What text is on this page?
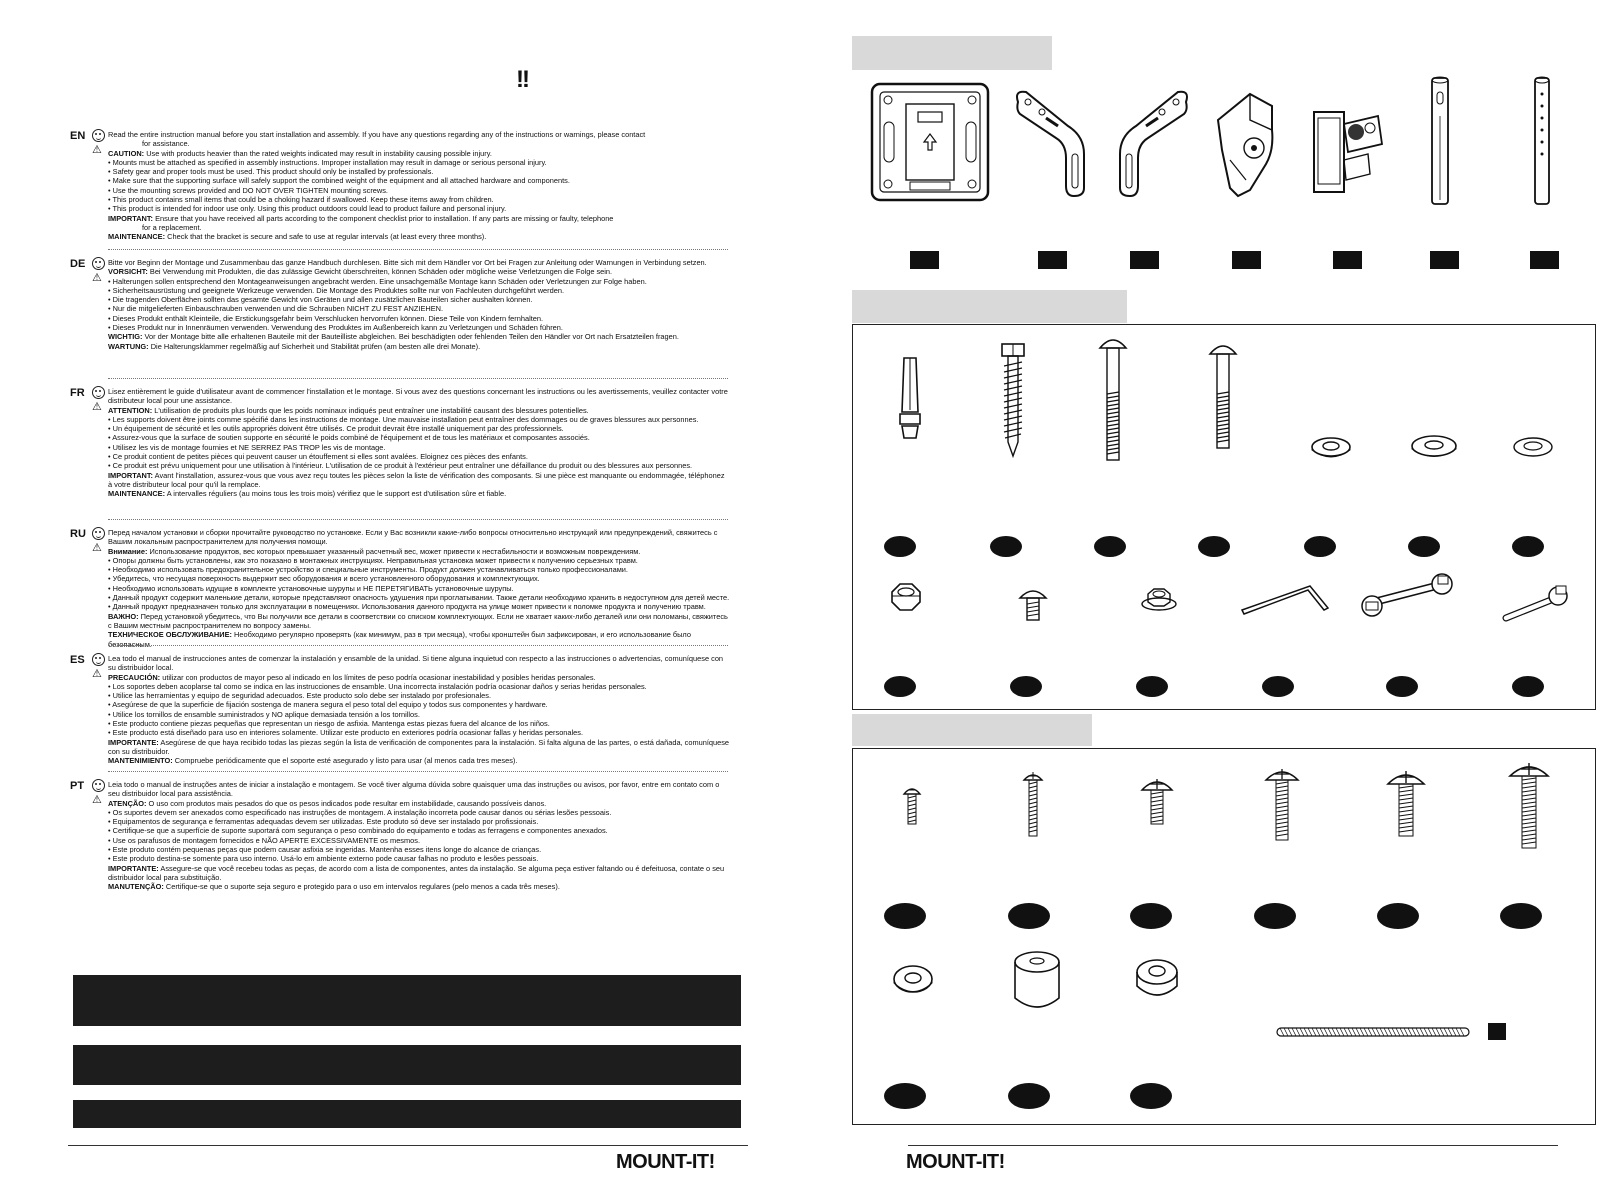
!!
EN
⚠

Read the entire instruction manual before you start installation and assembly. If you have any questions regarding any of the instructions or warnings, please contact

for assistance.

CAUTION: Use with products heavier than the rated weights indicated may result in instability causing possible injury.

• Mounts must be attached as specified in assembly instructions. Improper installation may result in damage or serious personal injury.

• Safety gear and proper tools must be used. This product should only be installed by professionals.

• Make sure that the supporting surface will safely support the combined weight of the equipment and all attached hardware and components.

• Use the mounting screws provided and DO NOT OVER TIGHTEN mounting screws.

• This product contains small items that could be a choking hazard if swallowed. Keep these items away from children.

• This product is intended for indoor use only. Using this product outdoors could lead to product failure and personal injury.

IMPORTANT: Ensure that you have received all parts according to the component checklist prior to installation. If any parts are missing or faulty, telephone

for a replacement.

MAINTENANCE: Check that the bracket is secure and safe to use at regular intervals (at least every three months).

DE
⚠

Bitte vor Beginn der Montage und Zusammenbau das ganze Handbuch durchlesen. Bitte sich mit dem Händler vor Ort bei Fragen zur Anleitung oder Warnungen in Verbindung setzen.

VORSICHT: Bei Verwendung mit Produkten, die das zulässige Gewicht überschreiten, können Schäden oder mögliche weise Verletzungen die Folge sein.

• Halterungen sollen entsprechend den Montageanweisungen angebracht werden. Eine unsachgemäße Montage kann Schäden oder Verletzungen zur Folge haben.

• Sicherheitsausrüstung und geeignete Werkzeuge verwenden. Die Montage des Produktes sollte nur von Fachleuten durchgeführt werden.

• Die tragenden Oberflächen sollten das gesamte Gewicht von Geräten und allen zusätzlichen Bauteilen sicher aushalten können.

• Nur die mitgelieferten Einbauschrauben verwenden und die Schrauben NICHT ZU FEST ANZIEHEN.

• Dieses Produkt enthält Kleinteile, die Erstickungsgefahr beim Verschlucken hervorrufen können. Diese Teile von Kindern fernhalten.

• Dieses Produkt nur in Innenräumen verwenden. Verwendung des Produktes im Außenbereich kann zu Verletzungen und Schäden führen.

WICHTIG: Vor der Montage bitte alle erhaltenen Bauteile mit der Bauteilliste abgleichen. Bei beschädigten oder fehlenden Teilen den Händler vor Ort nach Ersatzteilen fragen.

WARTUNG: Die Halterungsklammer regelmäßig auf Sicherheit und Stabilität prüfen (am besten alle drei Monate).

FR
⚠

Lisez entièrement le guide d'utilisateur avant de commencer l'installation et le montage. Si vous avez des questions concernant les instructions ou les avertissements, veuillez contacter votre distributeur local pour une assistance.

ATTENTION: L'utilisation de produits plus lourds que les poids nominaux indiqués peut entraîner une instabilité causant des blessures potentielles.

• Les supports doivent être joints comme spécifié dans les instructions de montage. Une mauvaise installation peut entraîner des dommages ou de graves blessures aux personnes.

• Un équipement de sécurité et les outils appropriés doivent être utilisés. Ce produit devrait être installé uniquement par des professionnels.

• Assurez-vous que la surface de soutien supporte en sécurité le poids combiné de l'équipement et de tous les matériaux et composantes associés.

• Utilisez les vis de montage fournies et NE SERREZ PAS TROP les vis de montage.

• Ce produit contient de petites pièces qui peuvent causer un étouffement si elles sont avalées. Eloignez ces pièces des enfants.

• Ce produit est prévu uniquement pour une utilisation à l'intérieur. L'utilisation de ce produit à l'extérieur peut entraîner une défaillance du produit ou des blessures aux personnes.

IMPORTANT: Avant l'installation, assurez-vous que vous avez reçu toutes les pièces selon la liste de vérification des composants. Si une pièce est manquante ou endommagée, téléphonez à votre distributeur local pour qu'il la remplace.

MAINTENANCE: A intervalles réguliers (au moins tous les trois mois) vérifiez que le support est d'utilisation sûre et fiable.

RU
⚠

Перед началом установки и сборки прочитайте руководство по установке. Если у Вас возникли какие-либо вопросы относительно инструкций или предупреждений, свяжитесь с Вашим локальным распространителем для получения помощи.

Внимание: Использование продуктов, вес которых превышает указанный расчетный вес, может привести к нестабильности и возможным повреждениям.

• Опоры должны быть установлены, как это показано в монтажных инструкциях. Неправильная установка может привести к получению серьезных травм.

• Необходимо использовать предохранительное устройство и специальные инструменты. Продукт должен устанавливаться только профессионалами.

• Убедитесь, что несущая поверхность выдержит вес оборудования и всего установленного оборудования и комплектующих.

• Необходимо использовать идущие в комплекте установочные шурупы и НЕ ПЕРЕТЯГИВАТЬ установочные шурупы.

• Данный продукт содержит маленькие детали, которые представляют опасность удушения при проглатывании. Также детали необходимо хранить в недоступном для детей месте.

• Данный продукт предназначен только для эксплуатации в помещениях. Использования данного продукта на улице может привести к поломке продукта и получению травм.

ВАЖНО: Перед установкой убедитесь, что Вы получили все детали в соответствии со списком комплектующих. Если не хватает каких-либо деталей или они поломаны, свяжитесь с Вашим местным распространителем по вопросу замены.

ТЕХНИЧЕСКОЕ ОБСЛУЖИВАНИЕ: Необходимо регулярно проверять (как минимум, раз в три месяца), чтобы кронштейн был зафиксирован, и его использование было безопасным.

ES
⚠

Lea todo el manual de instrucciones antes de comenzar la instalación y ensamble de la unidad. Si tiene alguna inquietud con respecto a las instrucciones o advertencias, comuníquese con su distribuidor local.

PRECAUCIÓN: utilizar con productos de mayor peso al indicado en los límites de peso podría ocasionar inestabilidad y posibles heridas personales.

• Los soportes deben acoplarse tal como se indica en las instrucciones de ensamble. Una incorrecta instalación podría ocasionar daños y serias heridas personales.

• Utilice las herramientas y equipo de seguridad adecuados. Este producto solo debe ser instalado por profesionales.

• Asegúrese de que la superficie de fijación sostenga de manera segura el peso total del equipo y todos sus componentes y hardware.

• Utilice los tornillos de ensamble suministrados y NO aplique demasiada tensión a los tornillos.

• Este producto contiene piezas pequeñas que representan un riesgo de asfixia. Mantenga estas piezas fuera del alcance de los niños.

• Este producto está diseñado para uso en interiores solamente. Utilizar este producto en exteriores podría ocasionar fallas y heridas personales.

IMPORTANTE: Asegúrese de que haya recibido todas las piezas según la lista de verificación de componentes para la instalación. Si falta alguna de las partes, o está dañada, comuníquese con su distribuidor.

MANTENIMIENTO: Compruebe periódicamente que el soporte esté asegurado y listo para usar (al menos cada tres meses).

PT
⚠

Leia todo o manual de instruções antes de iniciar a instalação e montagem. Se você tiver alguma dúvida sobre quaisquer uma das instruções ou avisos, por favor, entre em contato com o seu distribuidor local para assistência.

ATENÇÃO: O uso com produtos mais pesados do que os pesos indicados pode resultar em instabilidade, causando possíveis danos.

• Os suportes devem ser anexados como especificado nas instruções de montagem. A instalação incorreta pode causar danos ou sérias lesões pessoais.

• Equipamentos de segurança e ferramentas adequadas devem ser utilizadas. Este produto só deve ser instalado por profissionais.

• Certifique-se que a superfície de suporte suportará com segurança o peso combinado do equipamento e todas as ferragens e componentes anexados.

• Use os parafusos de montagem fornecidos e NÃO APERTE EXCESSIVAMENTE os mesmos.

• Este produto contém pequenas peças que podem causar asfixia se ingeridas. Mantenha esses itens longe do alcance de crianças.

• Este produto destina-se somente para uso interno. Usá-lo em ambiente externo pode causar falhas no produto e lesões pessoais.

IMPORTANTE: Assegure-se que você recebeu todas as peças, de acordo com a lista de componentes, antes da instalação. Se alguma peça estiver faltando ou é defeituosa, contate o seu distribuidor local para substituição.

MANUTENÇÃO: Certifique-se que o suporte seja seguro e protegido para o uso em intervalos regulares (pelo menos a cada três meses).

MOUNT-IT!	MOUNT-IT!
